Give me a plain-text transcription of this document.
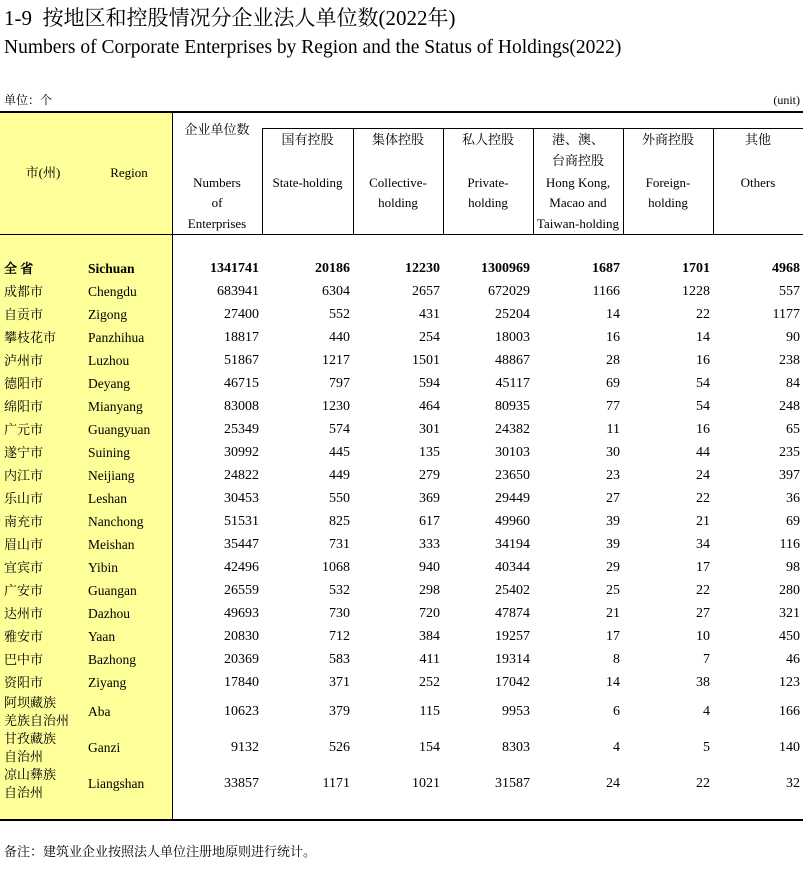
1-9  按地区和控股情况分企业法人单位数(2022年)
Numbers of Corporate Enterprises by Region and the Status of Holdings(2022)
单位：个	(unit)
市(州)	Region
企业单位数
Numbers
of
Enterprises
国有控股
State-holding
集体控股
Collective-
holding
私人控股
Private-
holding
港、澳、
台商控股
Hong Kong,
Macao and
Taiwan-holding
外商控股
Foreign-
holding
其他
Others
全 省	Sichuan	1341741	20186	12230	1300969	1687	1701	4968
成都市	Chengdu	683941	6304	2657	672029	1166	1228	557
自贡市	Zigong	27400	552	431	25204	14	22	1177
攀枝花市 Panzhihua	18817	440	254	18003	16	14	90
泸州市	Luzhou	51867	1217	1501	48867	28	16	238
德阳市	Deyang	46715	797	594	45117	69	54	84
绵阳市	Mianyang	83008	1230	464	80935	77	54	248
广元市	Guangyuan	25349	574	301	24382	11	16	65
遂宁市	Suining	30992	445	135	30103	30	44	235
内江市	Neijiang	24822	449	279	23650	23	24	397
乐山市	Leshan	30453	550	369	29449	27	22	36
南充市	Nanchong	51531	825	617	49960	39	21	69
眉山市	Meishan	35447	731	333	34194	39	34	116
宜宾市	Yibin	42496	1068	940	40344	29	17	98
广安市	Guangan	26559	532	298	25402	25	22	280
达州市	Dazhou	49693	730	720	47874	21	27	321
雅安市	Yaan	20830	712	384	19257	17	10	450
巴中市	Bazhong	20369	583	411	19314	8	7	46
资阳市	Ziyang	17840	371	252	17042	14	38	123
阿坝藏族
羌族自治州
Aba	10623	379	115	9953	6	4	166
甘孜藏族
自治州
Ganzi	9132	526	154	8303	4	5	140
凉山彝族
自治州
Liangshan	33857	1171	1021	31587	24	22	32
备注：建筑业企业按照法人单位注册地原则进行统计。
